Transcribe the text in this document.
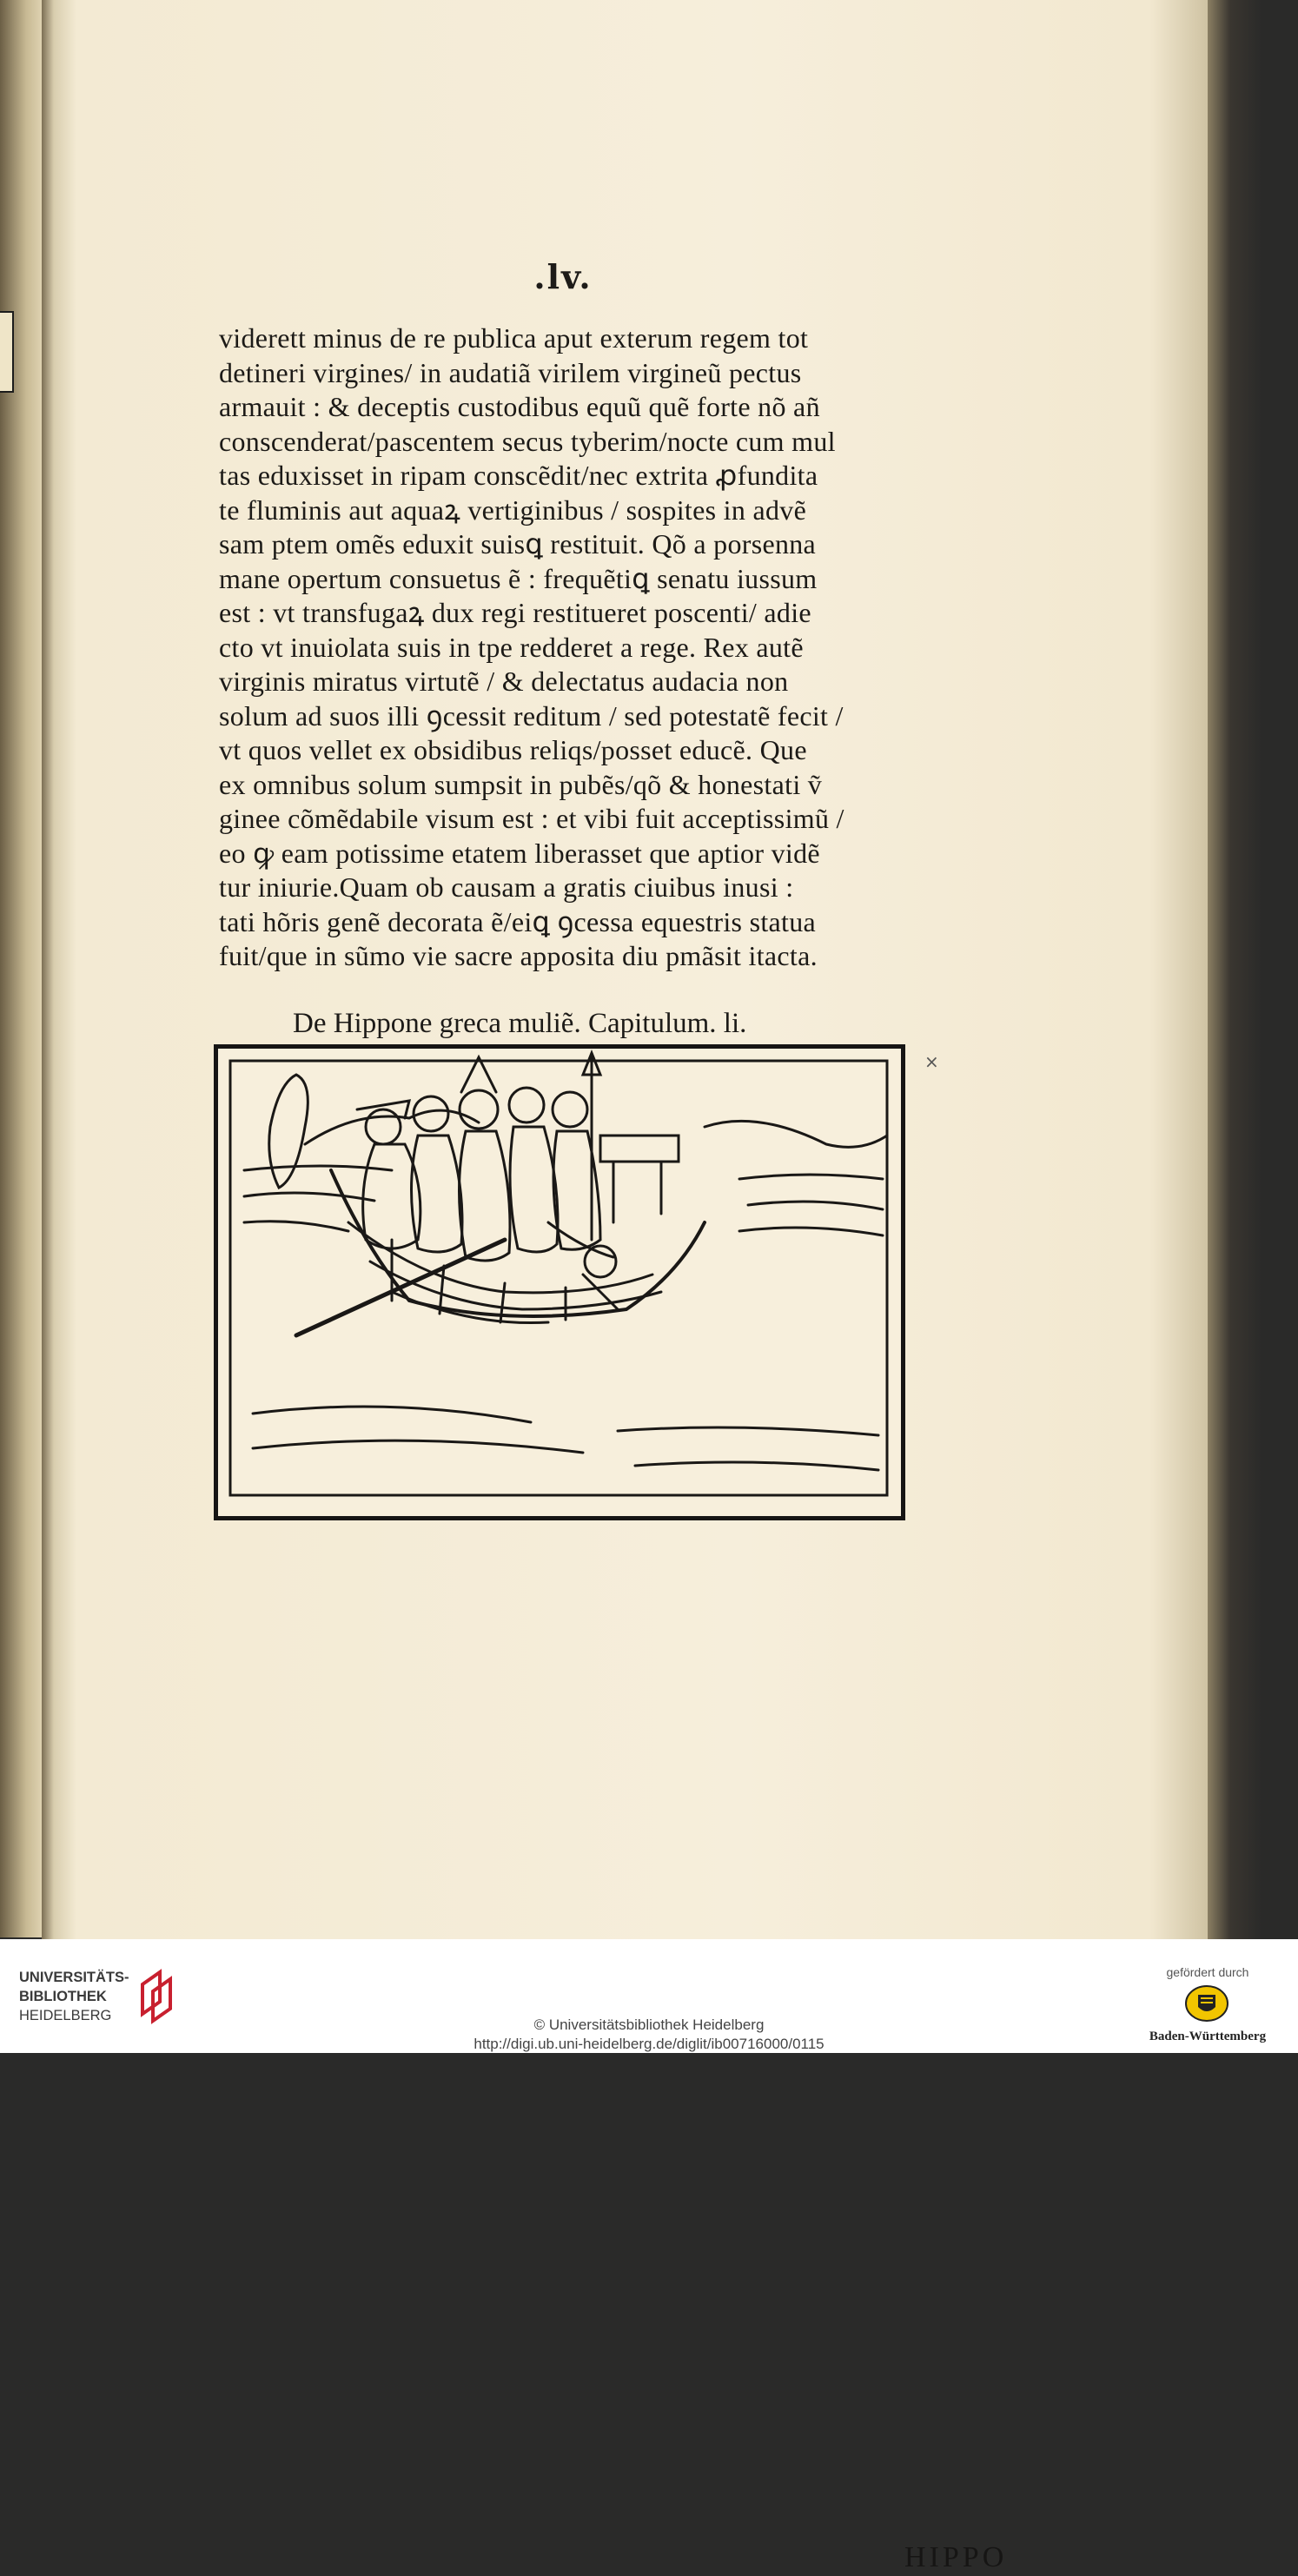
.lv.
viderett minus de re publica aput exterum regem tot
detineri virgines/ in audatiã virilem virgineũ pectus
armauit : & deceptis custodibus equũ quẽ forte nõ añ
conscenderat/pascentem secus tyberim/nocte cum mul
tas eduxisset in ripam conscẽdit/nec extrita ꝓfundita
te fluminis aut aquaꝝ vertiginibus / sospites in advẽ
sam ptem omẽs eduxit suisꝗ restituit. Qõ a porsenna
mane opertum consuetus ẽ : frequẽtiꝗ senatu iussum
est : vt transfugaꝝ dux regi restitueret poscenti/ adie
cto vt inuiolata suis in tpe redderet a rege. Rex autẽ
virginis miratus virtutẽ / & delectatus audacia non
solum ad suos illi ꝯcessit reditum / sed potestatẽ fecit /
vt quos vellet ex obsidibus reliqs/posset educẽ. Que
ex omnibus solum sumpsit in pubẽs/qõ & honestati ṽ
ginee cõmẽdabile visum est : et vibi fuit acceptissimũ /
eo ꝙ eam potissime etatem liberasset que aptior vidẽ
tur iniurie.Quam ob causam a gratis ciuibus inusi :
tati hõris genẽ decorata ẽ/eiꝗ ꝯcessa equestris statua
fuit/que in sũmo vie sacre apposita diu pmãsit itacta.
De Hippone greca muliẽ. Capitulum. li.
×
HIPPO
UNIVERSITÄTS-
BIBLIOTHEK
HEIDELBERG
© Universitätsbibliothek Heidelberg
http://digi.ub.uni-heidelberg.de/diglit/ib00716000/0115
gefördert durch
Baden-Württemberg
